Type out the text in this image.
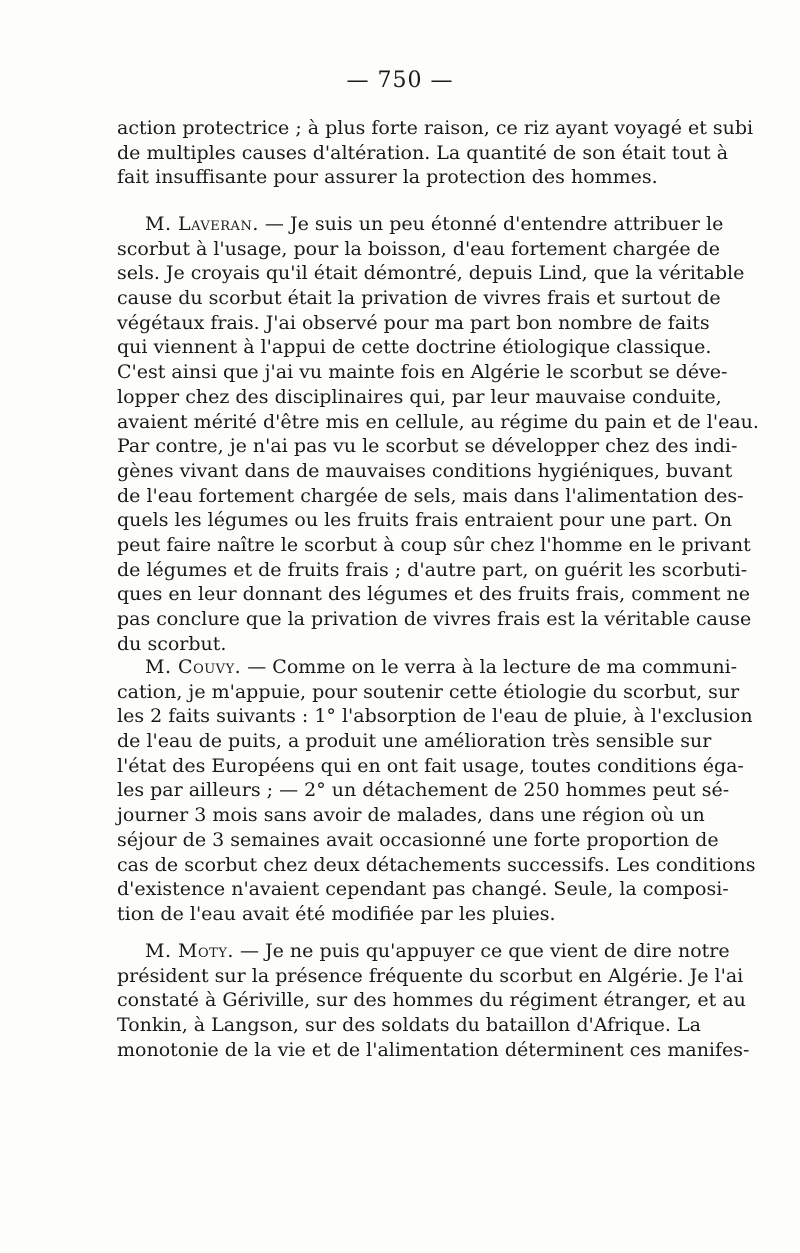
— 750 —
action protectrice ; à plus forte raison, ce riz ayant voyagé et subi
de multiples causes d'altération. La quantité de son était tout à
fait insuffisante pour assurer la protection des hommes.
M. Laveran. — Je suis un peu étonné d'entendre attribuer le
scorbut à l'usage, pour la boisson, d'eau fortement chargée de
sels. Je croyais qu'il était démontré, depuis Lind, que la véritable
cause du scorbut était la privation de vivres frais et surtout de
végétaux frais. J'ai observé pour ma part bon nombre de faits
qui viennent à l'appui de cette doctrine étiologique classique.
C'est ainsi que j'ai vu mainte fois en Algérie le scorbut se déve-
lopper chez des disciplinaires qui, par leur mauvaise conduite,
avaient mérité d'être mis en cellule, au régime du pain et de l'eau.
Par contre, je n'ai pas vu le scorbut se développer chez des indi-
gènes vivant dans de mauvaises conditions hygiéniques, buvant
de l'eau fortement chargée de sels, mais dans l'alimentation des-
quels les légumes ou les fruits frais entraient pour une part. On
peut faire naître le scorbut à coup sûr chez l'homme en le privant
de légumes et de fruits frais ; d'autre part, on guérit les scorbuti-
ques en leur donnant des légumes et des fruits frais, comment ne
pas conclure que la privation de vivres frais est la véritable cause
du scorbut.
M. Couvy. — Comme on le verra à la lecture de ma communi-
cation, je m'appuie, pour soutenir cette étiologie du scorbut, sur
les 2 faits suivants : 1° l'absorption de l'eau de pluie, à l'exclusion
de l'eau de puits, a produit une amélioration très sensible sur
l'état des Européens qui en ont fait usage, toutes conditions éga-
les par ailleurs ; — 2° un détachement de 250 hommes peut sé-
journer 3 mois sans avoir de malades, dans une région où un
séjour de 3 semaines avait occasionné une forte proportion de
cas de scorbut chez deux détachements successifs. Les conditions
d'existence n'avaient cependant pas changé. Seule, la composi-
tion de l'eau avait été modifiée par les pluies.
M. Moty. — Je ne puis qu'appuyer ce que vient de dire notre
président sur la présence fréquente du scorbut en Algérie. Je l'ai
constaté à Gériville, sur des hommes du régiment étranger, et au
Tonkin, à Langson, sur des soldats du bataillon d'Afrique. La
monotonie de la vie et de l'alimentation déterminent ces manifes-
